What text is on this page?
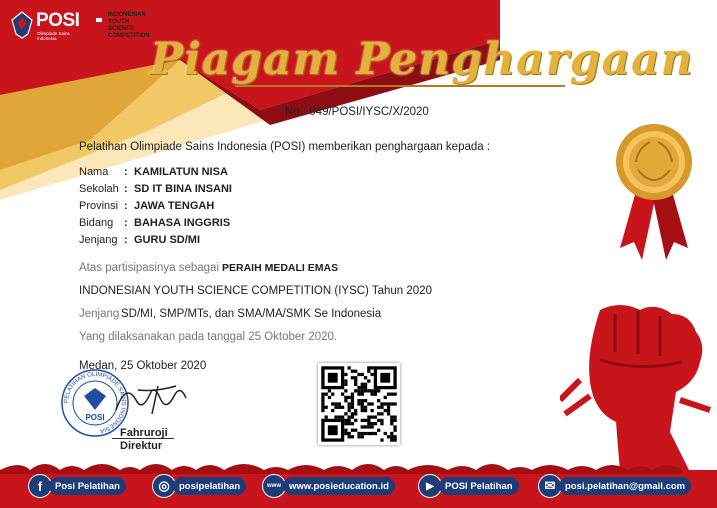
POSI
Olimpiade Sains Indonesia
INDONESIAN
YOUTH
SCIENCE
COMPETITION Piagam Penghargaan
No : 049/POSI/IYSC/X/2020
Pelatihan Olimpiade Sains Indonesia (POSI) memberikan penghargaan kepada :
Nama : KAMILATUN NISA
Sekolah : SD IT BINA INSANI
Provinsi : JAWA TENGAH
Bidang : BAHASA INGGRIS
Jenjang : GURU SD/MI
Atas partisipasinya sebagai PERAIH MEDALI EMAS
INDONESIAN YOUTH SCIENCE COMPETITION (IYSC) Tahun 2020
Jenjang SD/MI, SMP/MTs, dan SMA/MA/SMK Se Indonesia
Yang dilaksanakan pada tanggal 25 Oktober 2020.
Medan, 25 Oktober 2020
PELATIHAN OLIMPIADE SAINS INDONESIA
POSI
Fahruroji
Direktur
f	Posi Pelatihan	◎ posipelatihan	www www.posieducation.id	▶	POSI Pelatihan	✉	posi.pelatihan@gmail.com
